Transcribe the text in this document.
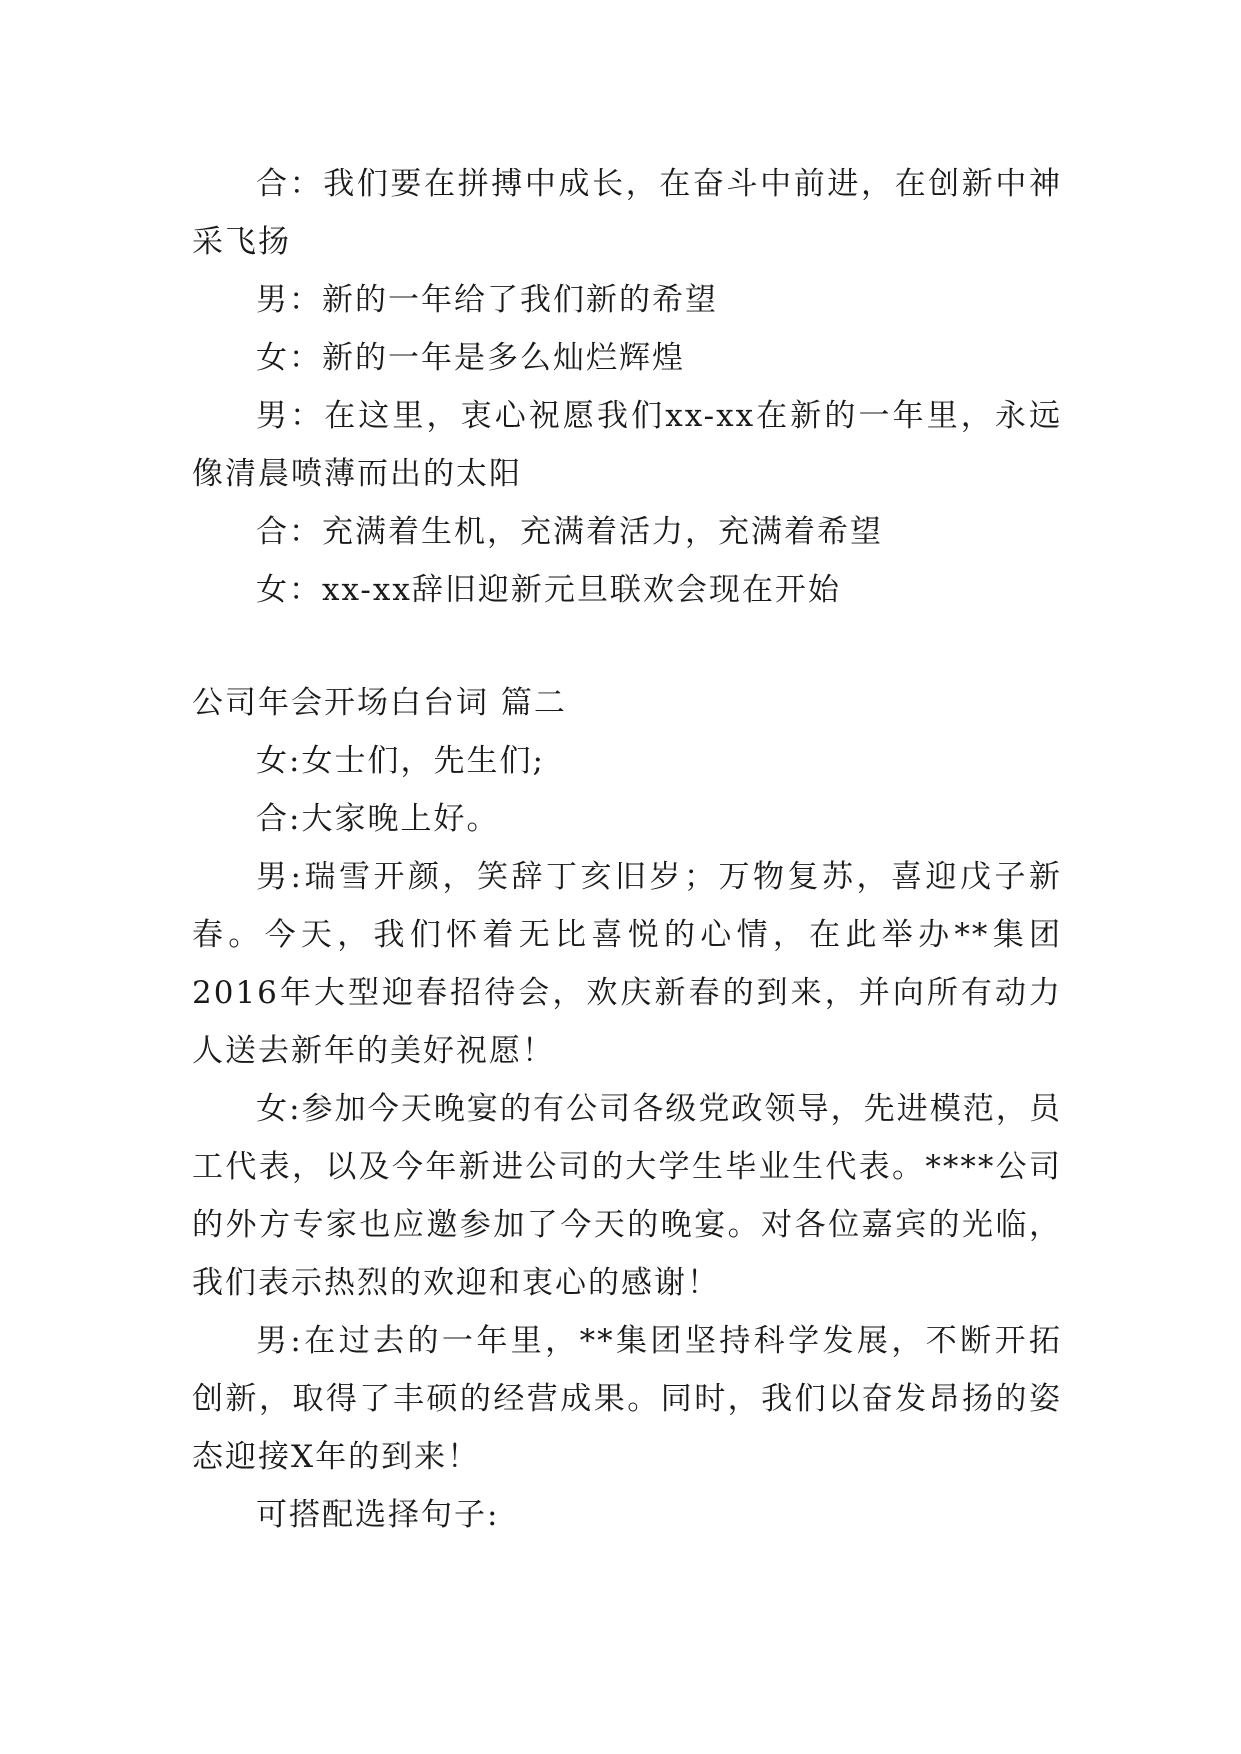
合：我们要在拼搏中成长，在奋斗中前进，在创新中神采飞扬

男：新的一年给了我们新的希望

女：新的一年是多么灿烂辉煌

男：在这里，衷心祝愿我们xx-xx在新的一年里，永远像清晨喷薄而出的太阳

合：充满着生机，充满着活力，充满着希望

女：xx-xx辞旧迎新元旦联欢会现在开始

公司年会开场白台词 篇二

女:女士们，先生们;

合:大家晚上好。

男:瑞雪开颜，笑辞丁亥旧岁；万物复苏，喜迎戊子新春。今天，我们怀着无比喜悦的心情，在此举办**集团2016年大型迎春招待会，欢庆新春的到来，并向所有动力人送去新年的美好祝愿！

女:参加今天晚宴的有公司各级党政领导，先进模范，员工代表，以及今年新进公司的大学生毕业生代表。****公司的外方专家也应邀参加了今天的晚宴。对各位嘉宾的光临，我们表示热烈的欢迎和衷心的感谢！

男:在过去的一年里，**集团坚持科学发展，不断开拓创新，取得了丰硕的经营成果。同时，我们以奋发昂扬的姿态迎接X年的到来！

可搭配选择句子:
